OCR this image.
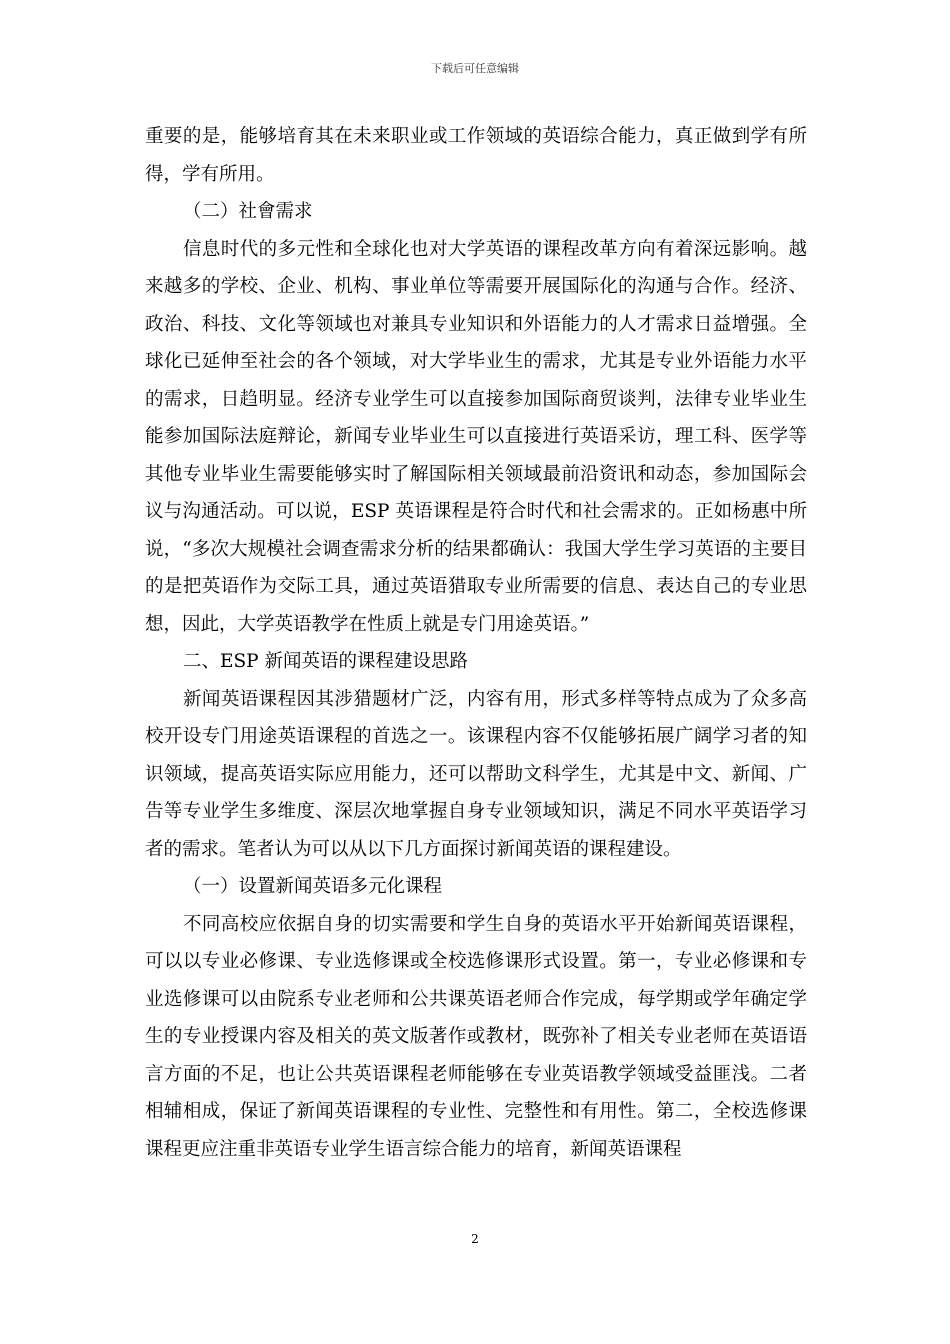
下载后可任意编辑

重要的是，能够培育其在未来职业或工作领域的英语综合能力，真正做到学有所得，学有所用。

（二）社會需求

信息时代的多元性和全球化也对大学英语的课程改革方向有着深远影响。越来越多的学校、企业、机构、事业单位等需要开展国际化的沟通与合作。经济、政治、科技、文化等领域也对兼具专业知识和外语能力的人才需求日益增强。全球化已延伸至社会的各个领域，对大学毕业生的需求，尤其是专业外语能力水平的需求，日趋明显。经济专业学生可以直接参加国际商贸谈判，法律专业毕业生能参加国际法庭辩论，新闻专业毕业生可以直接进行英语采访，理工科、医学等其他专业毕业生需要能够实时了解国际相关领域最前沿资讯和动态，参加国际会议与沟通活动。可以说，ESP 英语课程是符合时代和社会需求的。正如杨惠中所说，“多次大规模社会调查需求分析的结果都确认：我国大学生学习英语的主要目的是把英语作为交际工具，通过英语猎取专业所需要的信息、表达自己的专业思想，因此，大学英语教学在性质上就是专门用途英语。”

二、ESP 新闻英语的课程建设思路

新闻英语课程因其涉猎题材广泛，内容有用，形式多样等特点成为了众多高校开设专门用途英语课程的首选之一。该课程内容不仅能够拓展广阔学习者的知识领域，提高英语实际应用能力，还可以帮助文科学生，尤其是中文、新闻、广告等专业学生多维度、深层次地掌握自身专业领域知识，满足不同水平英语学习者的需求。笔者认为可以从以下几方面探讨新闻英语的课程建设。

（一）设置新闻英语多元化课程

不同高校应依据自身的切实需要和学生自身的英语水平开始新闻英语课程，可以以专业必修课、专业选修课或全校选修课形式设置。第一，专业必修课和专业选修课可以由院系专业老师和公共课英语老师合作完成，每学期或学年确定学生的专业授课内容及相关的英文版著作或教材，既弥补了相关专业老师在英语语言方面的不足，也让公共英语课程老师能够在专业英语教学领域受益匪浅。二者相辅相成，保证了新闻英语课程的专业性、完整性和有用性。第二，全校选修课课程更应注重非英语专业学生语言综合能力的培育，新闻英语课程

2
